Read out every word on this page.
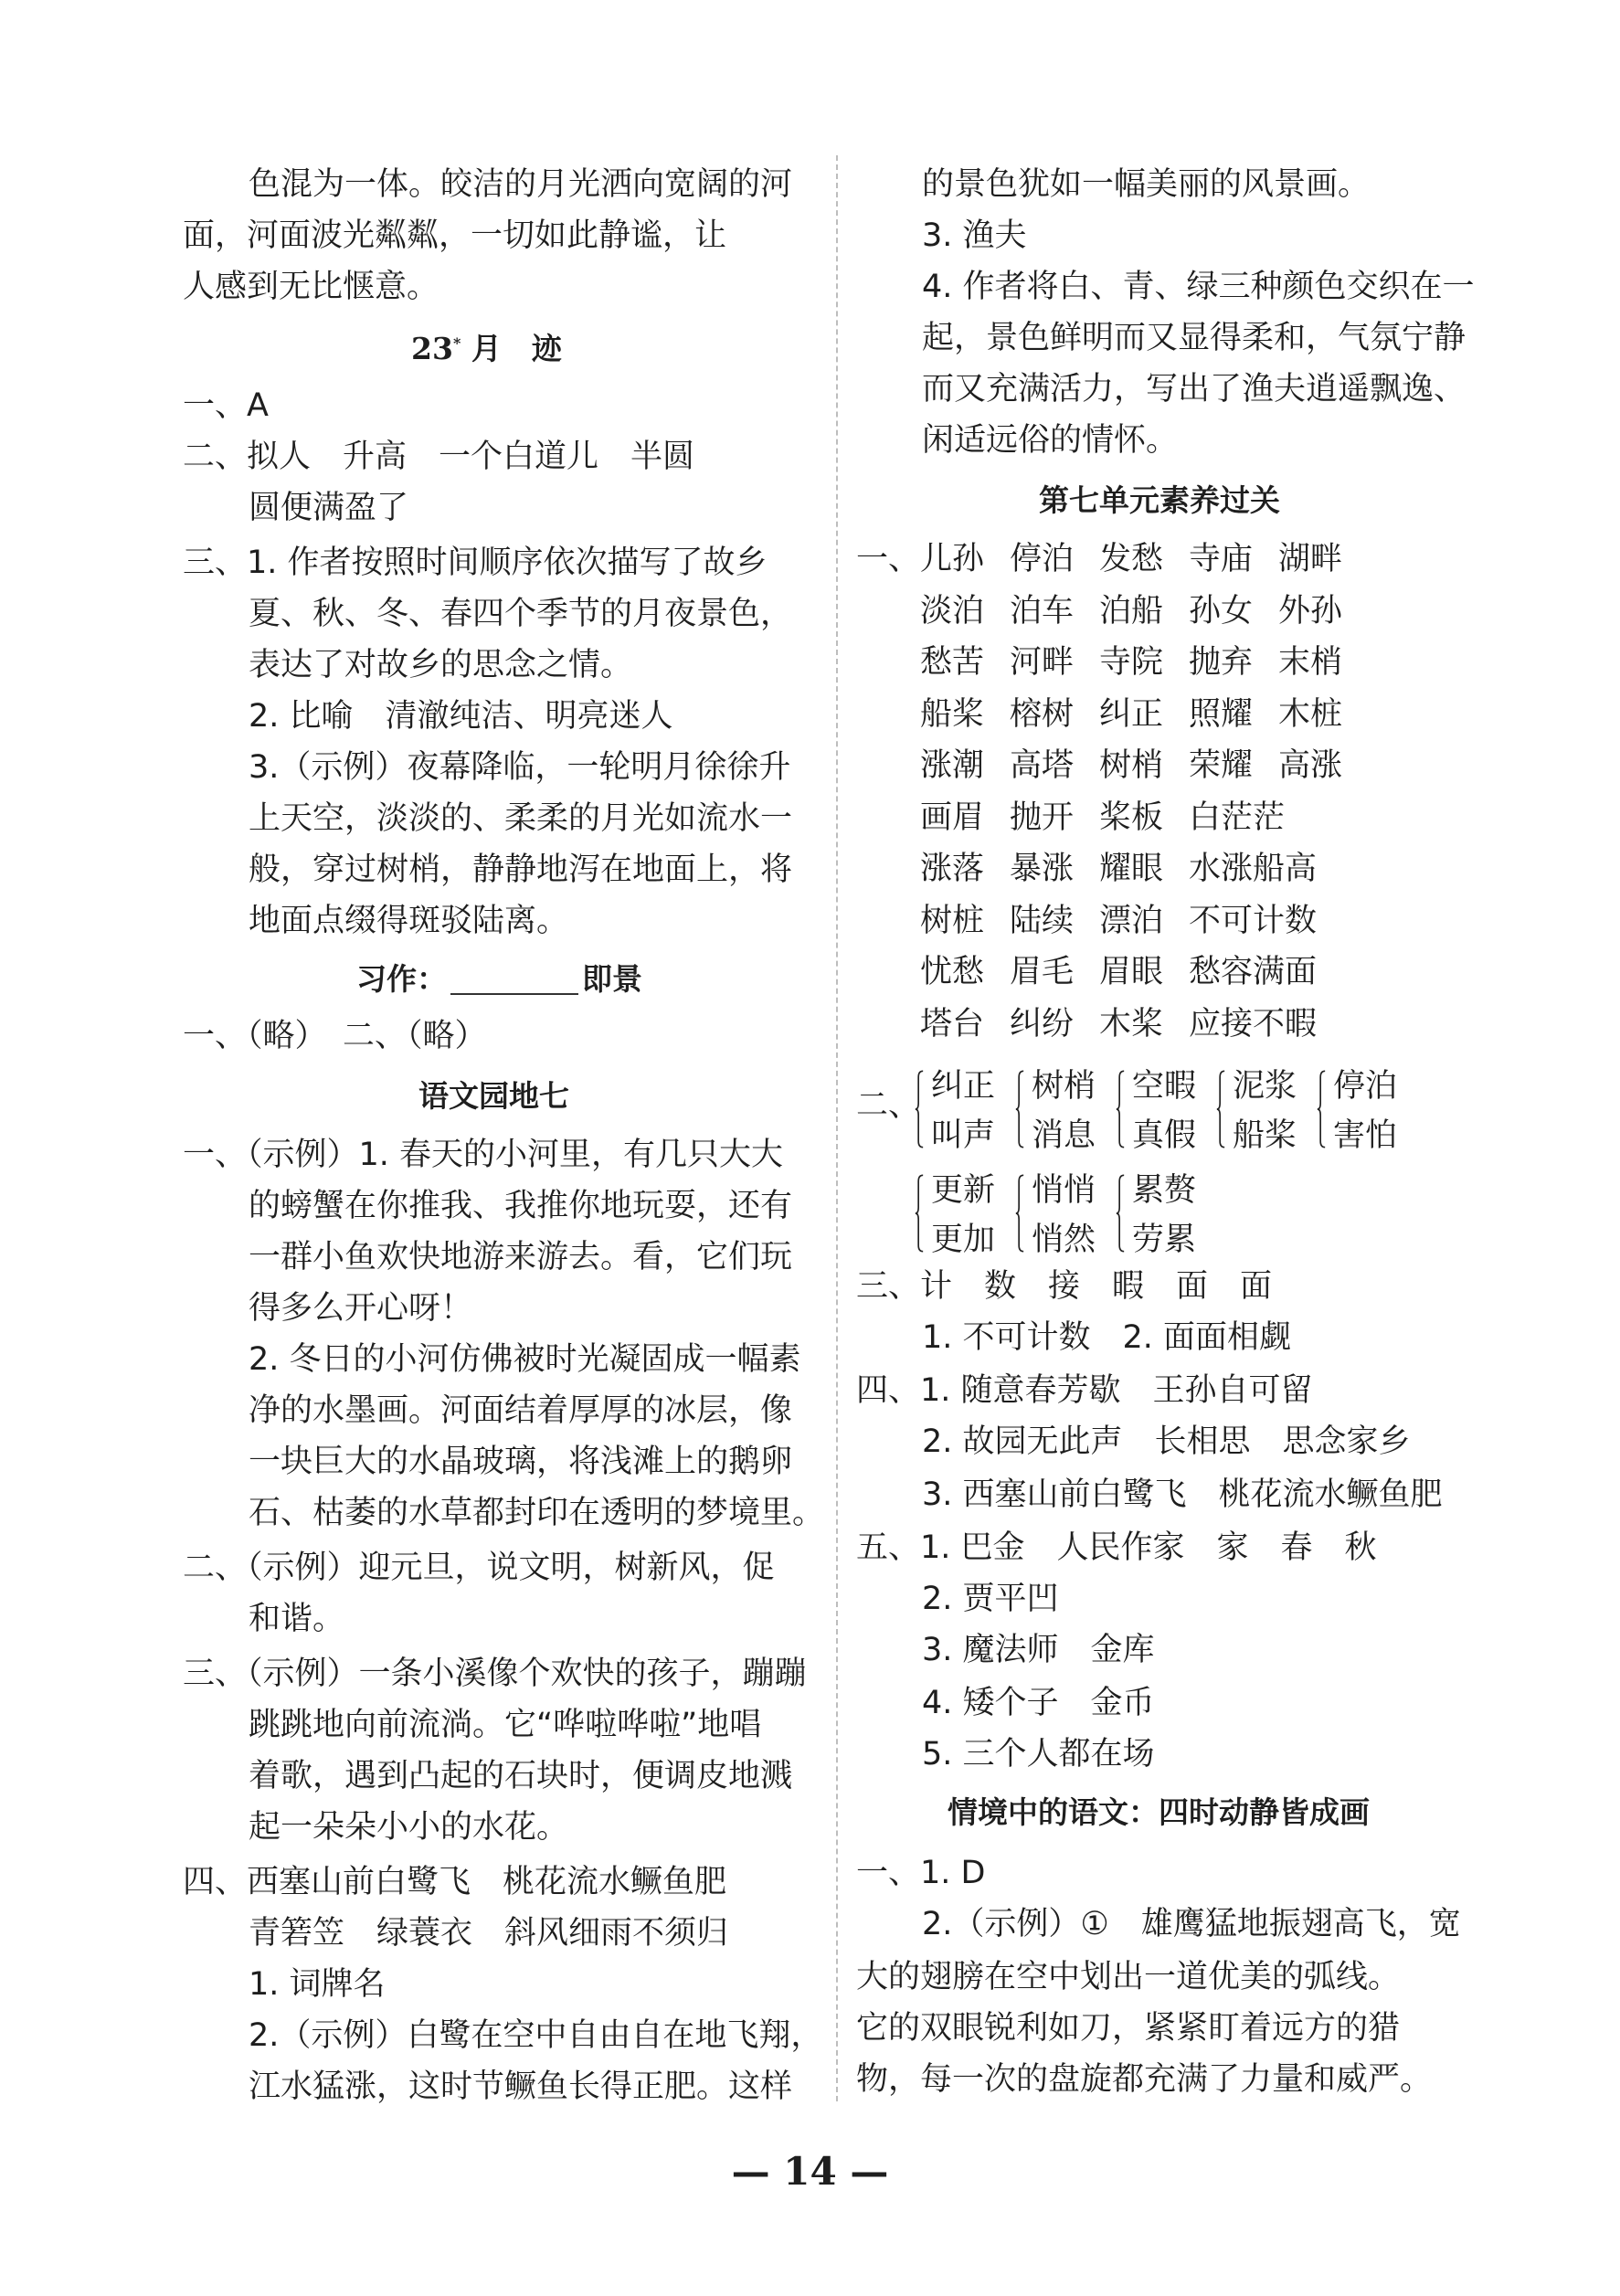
色混为一体。皎洁的月光洒向宽阔的河
面，河面波光粼粼，一切如此静谧，让
人感到无比惬意。
23* 月　迹
一、A
二、拟人　升高　一个白道儿　半圆
圆便满盈了
三、1. 作者按照时间顺序依次描写了故乡
夏、秋、冬、春四个季节的月夜景色，
表达了对故乡的思念之情。
2. 比喻　清澈纯洁、明亮迷人
3.（示例）夜幕降临，一轮明月徐徐升
上天空，淡淡的、柔柔的月光如流水一
般，穿过树梢，静静地泻在地面上，将
地面点缀得斑驳陆离。
习作：	即景
一、（略）　二、（略）
语文园地七
一、（示例）1. 春天的小河里，有几只大大
的螃蟹在你推我、我推你地玩耍，还有
一群小鱼欢快地游来游去。看，它们玩
得多么开心呀！
2. 冬日的小河仿佛被时光凝固成一幅素
净的水墨画。河面结着厚厚的冰层，像
一块巨大的水晶玻璃，将浅滩上的鹅卵
石、枯萎的水草都封印在透明的梦境里。
二、（示例）迎元旦，说文明，树新风，促
和谐。
三、（示例）一条小溪像个欢快的孩子，蹦蹦
跳跳地向前流淌。它“哗啦哗啦”地唱
着歌，遇到凸起的石块时，便调皮地溅
起一朵朵小小的水花。
四、西塞山前白鹭飞　桃花流水鳜鱼肥
青箬笠　绿蓑衣　斜风细雨不须归
1. 词牌名
2.（示例）白鹭在空中自由自在地飞翔，
江水猛涨，这时节鳜鱼长得正肥。这样
的景色犹如一幅美丽的风景画。
3. 渔夫
4. 作者将白、青、绿三种颜色交织在一
起，景色鲜明而又显得柔和，气氛宁静
而又充满活力，写出了渔夫逍遥飘逸、
闲适远俗的情怀。
第七单元素养过关
一、 儿孙 停泊 发愁 寺庙 湖畔
淡泊 泊车 泊船 孙女 外孙
愁苦 河畔 寺院 抛弃 末梢
船桨 榕树 纠正 照耀 木桩
涨潮 高塔 树梢 荣耀 高涨
画眉 抛开 桨板 白茫茫
涨落 暴涨 耀眼 水涨船高
树桩 陆续 漂泊 不可计数
忧愁 眉毛 眉眼 愁容满面
塔台 纠纷 木桨 应接不暇
二、
纠正
叫声
树梢
消息
空暇
真假
泥浆
船桨
停泊
害怕
更新
更加
悄悄
悄然
累赘
劳累
三、计　数　接　暇　面　面
1. 不可计数　2. 面面相觑
四、1. 随意春芳歇　王孙自可留
2. 故园无此声　长相思　思念家乡
3. 西塞山前白鹭飞　桃花流水鳜鱼肥
五、1. 巴金　人民作家　家　春　秋
2. 贾平凹
3. 魔法师　金库
4. 矮个子　金币
5. 三个人都在场
情境中的语文：四时动静皆成画
一、1. D
2.（示例）①　雄鹰猛地振翅高飞，宽
大的翅膀在空中划出一道优美的弧线。
它的双眼锐利如刀，紧紧盯着远方的猎
物，每一次的盘旋都充满了力量和威严。
— 14 —
